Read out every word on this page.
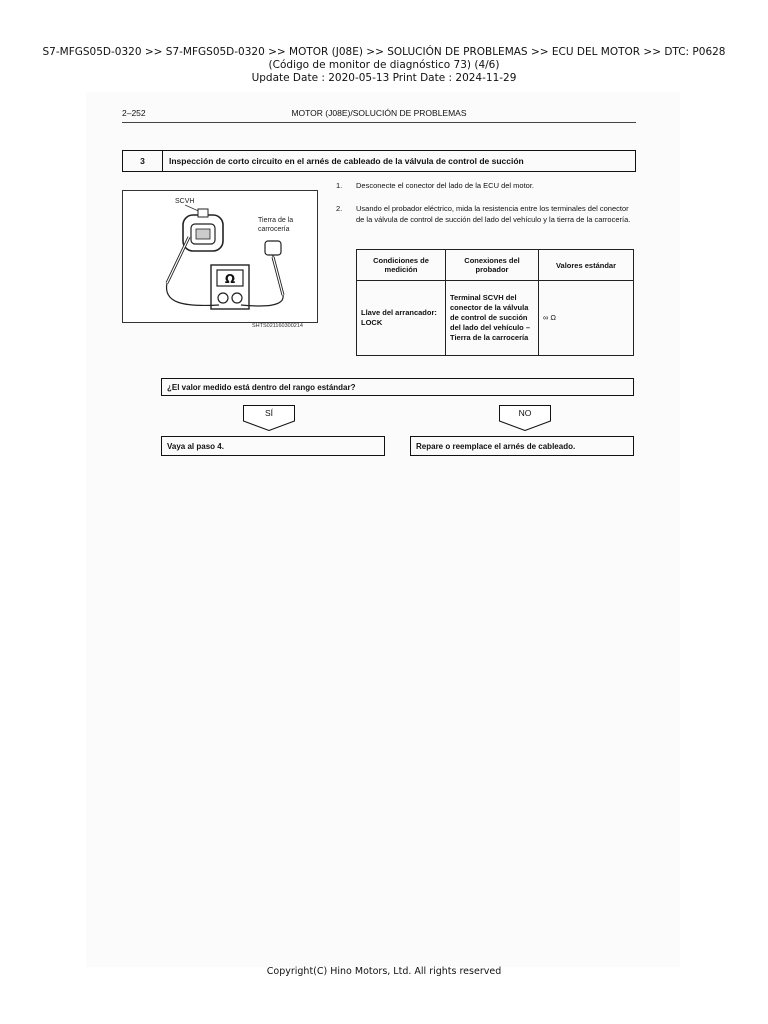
S7-MFGS05D-0320 >> S7-MFGS05D-0320 >> MOTOR (J08E) >> SOLUCIÓN DE PROBLEMAS >> ECU DEL MOTOR >> DTC: P0628 (Código de monitor de diagnóstico 73) (4/6)
Update Date : 2020-05-13 Print Date : 2024-11-29
2–252	MOTOR (J08E)/SOLUCIÓN DE PROBLEMAS
3	Inspección de corto circuito en el arnés de cableado de la válvula de control de succión
SCVH
Tierra de la
carrocería
Ω
SHTS021160300214
1. Desconecte el conector del lado de la ECU del motor.
2. Usando el probador eléctrico, mida la resistencia entre los terminales del conector de la válvula de control de succión del lado del vehículo y la tierra de la carrocería.
Condiciones de medición	Conexiones del probador	Valores estándar
Llave del arrancador: LOCK	Terminal SCVH del conector de la válvula de control de succión del lado del vehículo – Tierra de la carrocería	∞ Ω
¿El valor medido está dentro del rango estándar?
SÍ	NO
Vaya al paso 4.	Repare o reemplace el arnés de cableado.
Copyright(C) Hino Motors, Ltd. All rights reserved
